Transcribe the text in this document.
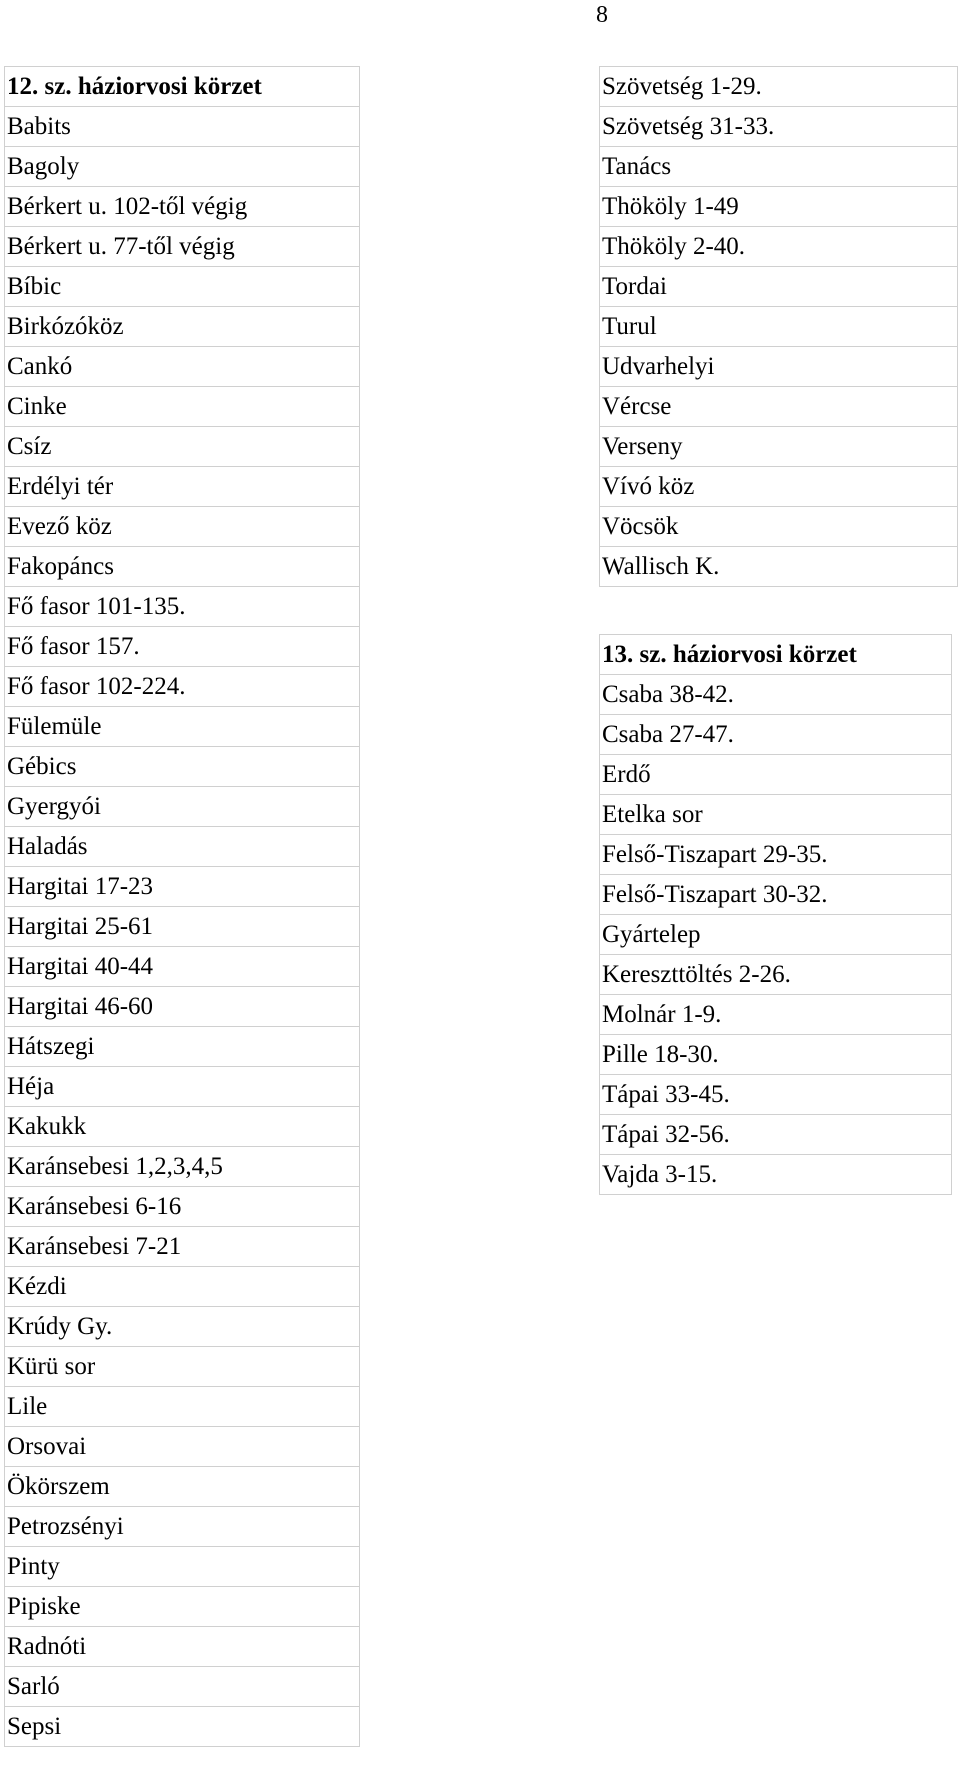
8
12. sz. háziorvosi körzet
Babits
Bagoly
Bérkert u. 102-től végig
Bérkert u. 77-től végig
Bíbic
Birkózóköz
Cankó
Cinke
Csíz
Erdélyi tér
Evező köz
Fakopáncs
Fő fasor 101-135.
Fő fasor 157.
Fő fasor 102-224.
Fülemüle
Gébics
Gyergyói
Haladás
Hargitai 17-23
Hargitai 25-61
Hargitai 40-44
Hargitai 46-60
Hátszegi
Héja
Kakukk
Karánsebesi 1,2,3,4,5
Karánsebesi 6-16
Karánsebesi 7-21
Kézdi
Krúdy Gy.
Kürü sor
Lile
Orsovai
Ökörszem
Petrozsényi
Pinty
Pipiske
Radnóti
Sarló
Sepsi
Szövetség 1-29.
Szövetség 31-33.
Tanács
Thököly 1-49
Thököly 2-40.
Tordai
Turul
Udvarhelyi
Vércse
Verseny
Vívó köz
Vöcsök
Wallisch K.
13. sz. háziorvosi körzet
Csaba 38-42.
Csaba 27-47.
Erdő
Etelka sor
Felső-Tiszapart 29-35.
Felső-Tiszapart 30-32.
Gyártelep
Kereszttöltés 2-26.
Molnár 1-9.
Pille 18-30.
Tápai 33-45.
Tápai 32-56.
Vajda 3-15.
